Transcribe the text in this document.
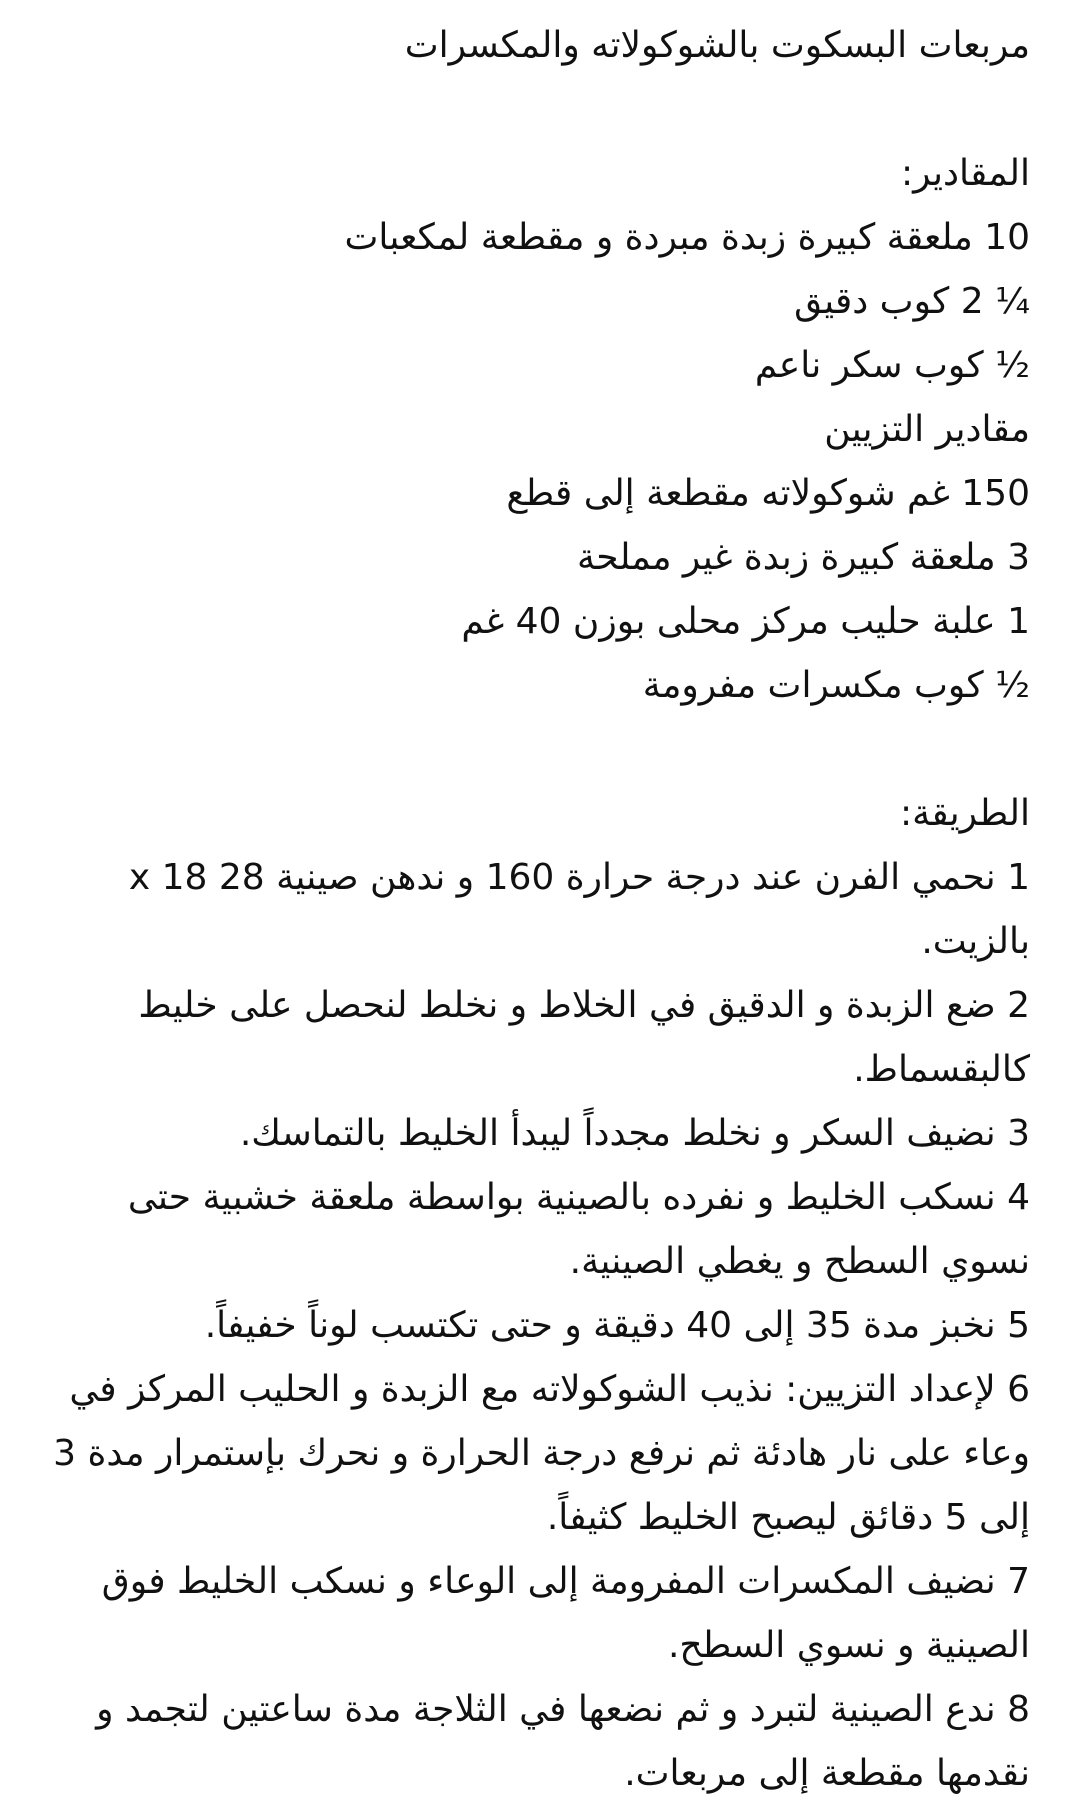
مربعات البسكوت بالشوكولاته والمكسرات

المقادير:

10 ملعقة كبيرة زبدة مبردة و مقطعة لمكعبات

¼ 2 كوب دقيق

½ كوب سكر ناعم

مقادير التزيين

150 غم شوكولاته مقطعة إلى قطع

3 ملعقة كبيرة زبدة غير مملحة

1 علبة حليب مركز محلى بوزن 40 غم

½ كوب مكسرات مفرومة

الطريقة:

1 نحمي الفرن عند درجة حرارة 160 و ندهن صينية 28 18 x بالزيت.

2 ضع الزبدة و الدقيق في الخلاط و نخلط لنحصل على خليط كالبقسماط.

3 نضيف السكر و نخلط مجدداً ليبدأ الخليط بالتماسك.

4 نسكب الخليط و نفرده بالصينية بواسطة ملعقة خشبية حتى نسوي السطح و يغطي الصينية.

5 نخبز مدة 35 إلى 40 دقيقة و حتى تكتسب لوناً خفيفاً.

6 لإعداد التزيين: نذيب الشوكولاته مع الزبدة و الحليب المركز في وعاء على نار هادئة ثم نرفع درجة الحرارة و نحرك بإستمرار مدة 3 إلى 5 دقائق ليصبح الخليط كثيفاً.

7 نضيف المكسرات المفرومة إلى الوعاء و نسكب الخليط فوق الصينية و نسوي السطح.

8 ندع الصينية لتبرد و ثم نضعها في الثلاجة مدة ساعتين لتجمد و نقدمها مقطعة إلى مربعات.
